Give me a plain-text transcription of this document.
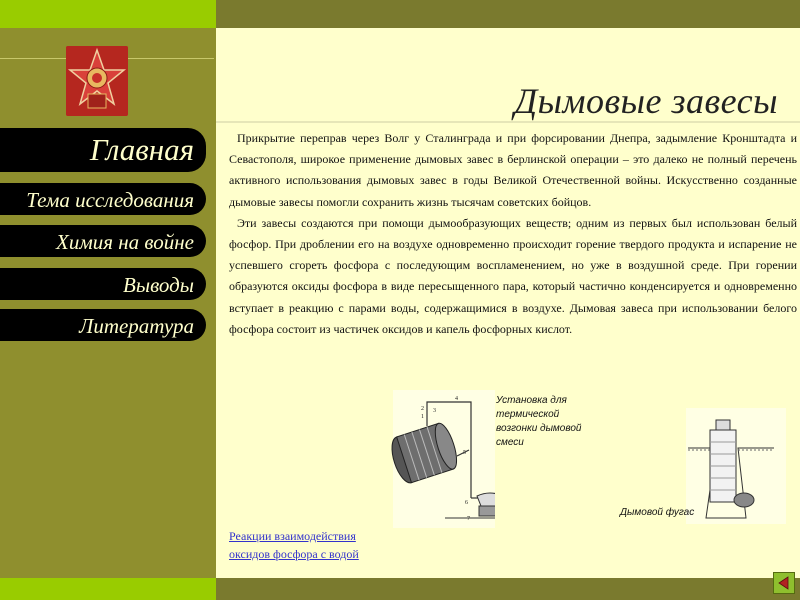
Главная
Тема исследования
Химия на войне
Выводы
Литература
Дымовые завесы

Прикрытие переправ через Волг у Сталинграда и при форсировании Днепра, задымление Кронштадта и Севастополя, широкое применение дымовых завес в берлинской операции – это далеко не полный перечень активного использования дымовых завес в годы Великой Отечественной войны. Искусственно созданные дымовые завесы помогли сохранить жизнь тысячам советских бойцов.

Эти завесы создаются при помощи дымообразующих веществ; одним из первых был использован белый фосфор. При дроблении его на воздухе одновременно происходит горение твердого продукта и испарение не успевшего сгореть фосфора с последующим воспламенением, но уже в воздушной среде. При горении образуются оксиды фосфора в виде пересыщенного пара, который частично конденсируется и одновременно вступает в реакцию с парами воды, содержащимися в воздухе. Дымовая завеса при использовании белого фосфора состоит из частичек оксидов и капель фосфорных кислот.

1
2 3
4
5
6
7
Установка для термической возгонки дымовой смеси
Дымовой фугас
Реакции взаимодействия
оксидов фосфора с водой
